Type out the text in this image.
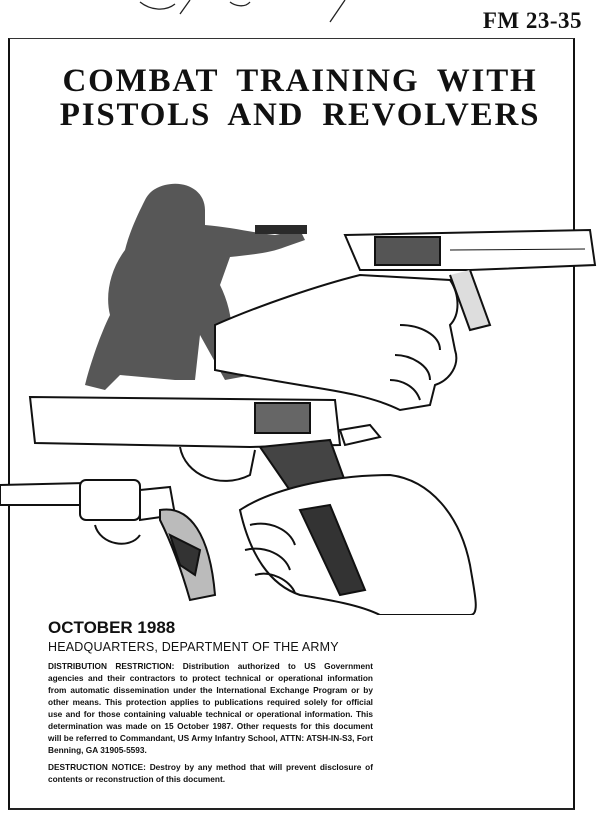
FM 23-35
COMBAT TRAINING WITH
PISTOLS AND REVOLVERS
OCTOBER 1988
HEADQUARTERS, DEPARTMENT OF THE ARMY

DISTRIBUTION RESTRICTION: Distribution authorized to US Government agencies and their contractors to protect technical or operational information from automatic dissemination under the International Exchange Program or by other means. This protection applies to publications required solely for official use and for those containing valuable technical or operational information. This determination was made on 15 October 1987. Other requests for this document will be referred to Commandant, US Army Infantry School, ATTN: ATSH-IN-S3, Fort Benning, GA 31905-5593.

DESTRUCTION NOTICE: Destroy by any method that will prevent disclosure of contents or reconstruction of this document.
